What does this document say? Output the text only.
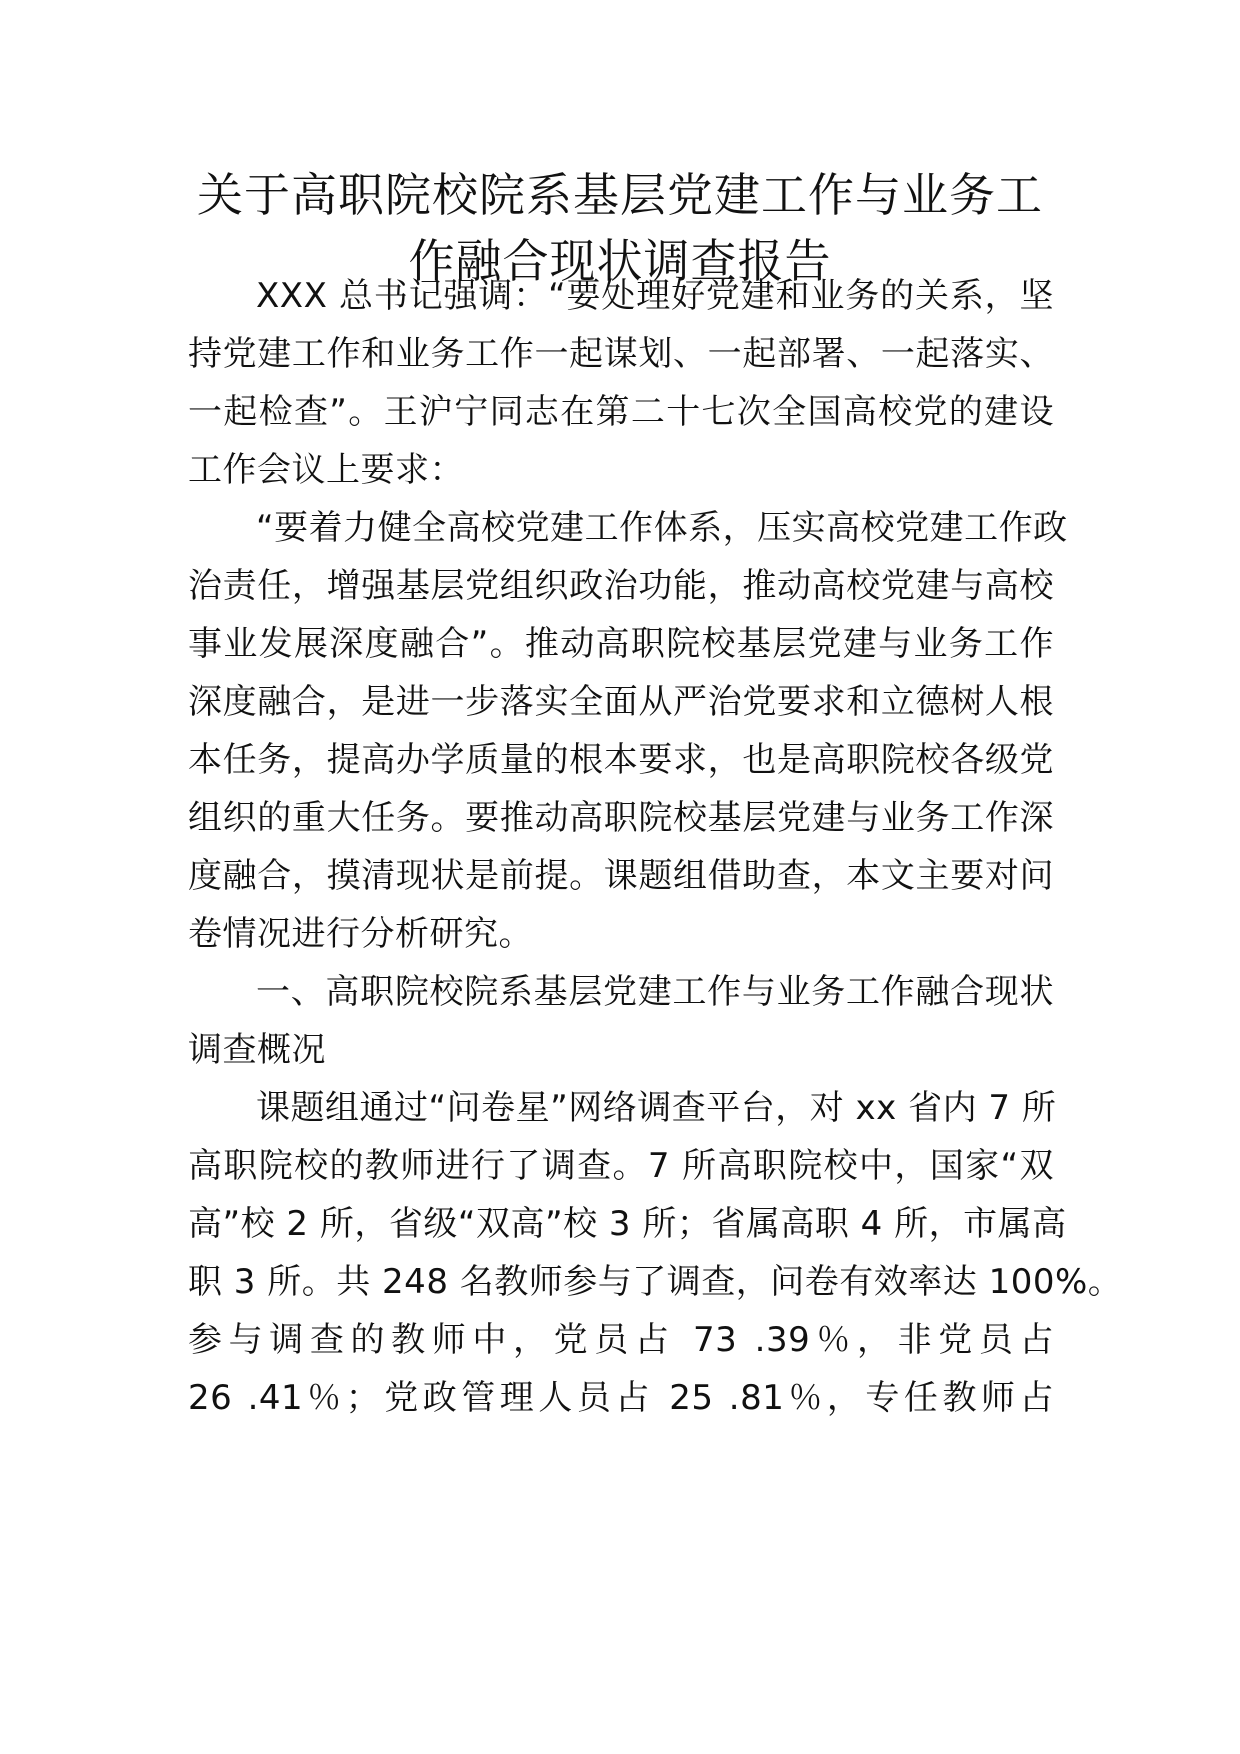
关于高职院校院系基层党建工作与业务工
作融合现状调查报告
XXX 总书记强调：“要处理好党建和业务的关系，坚
持党建工作和业务工作一起谋划、一起部署、一起落实、
一起检查”。王沪宁同志在第二十七次全国高校党的建设
工作会议上要求：
“要着力健全高校党建工作体系，压实高校党建工作政
治责任，增强基层党组织政治功能，推动高校党建与高校
事业发展深度融合”。推动高职院校基层党建与业务工作
深度融合，是进一步落实全面从严治党要求和立德树人根
本任务，提高办学质量的根本要求，也是高职院校各级党
组织的重大任务。要推动高职院校基层党建与业务工作深
度融合，摸清现状是前提。课题组借助查，本文主要对问
卷情况进行分析研究。
一、高职院校院系基层党建工作与业务工作融合现状
调查概况
课题组通过“问卷星”网络调查平台，对 xx 省内 7 所
高职院校的教师进行了调查。7 所高职院校中，国家“双
高”校 2 所，省级“双高”校 3 所；省属高职 4 所，市属高
职 3 所。共 248 名教师参与了调查，问卷有效率达 100%。
参与调查的教师中，党员占 73 .39％，非党员占
26 .41％；党政管理人员占 25 .81％，专任教师占
